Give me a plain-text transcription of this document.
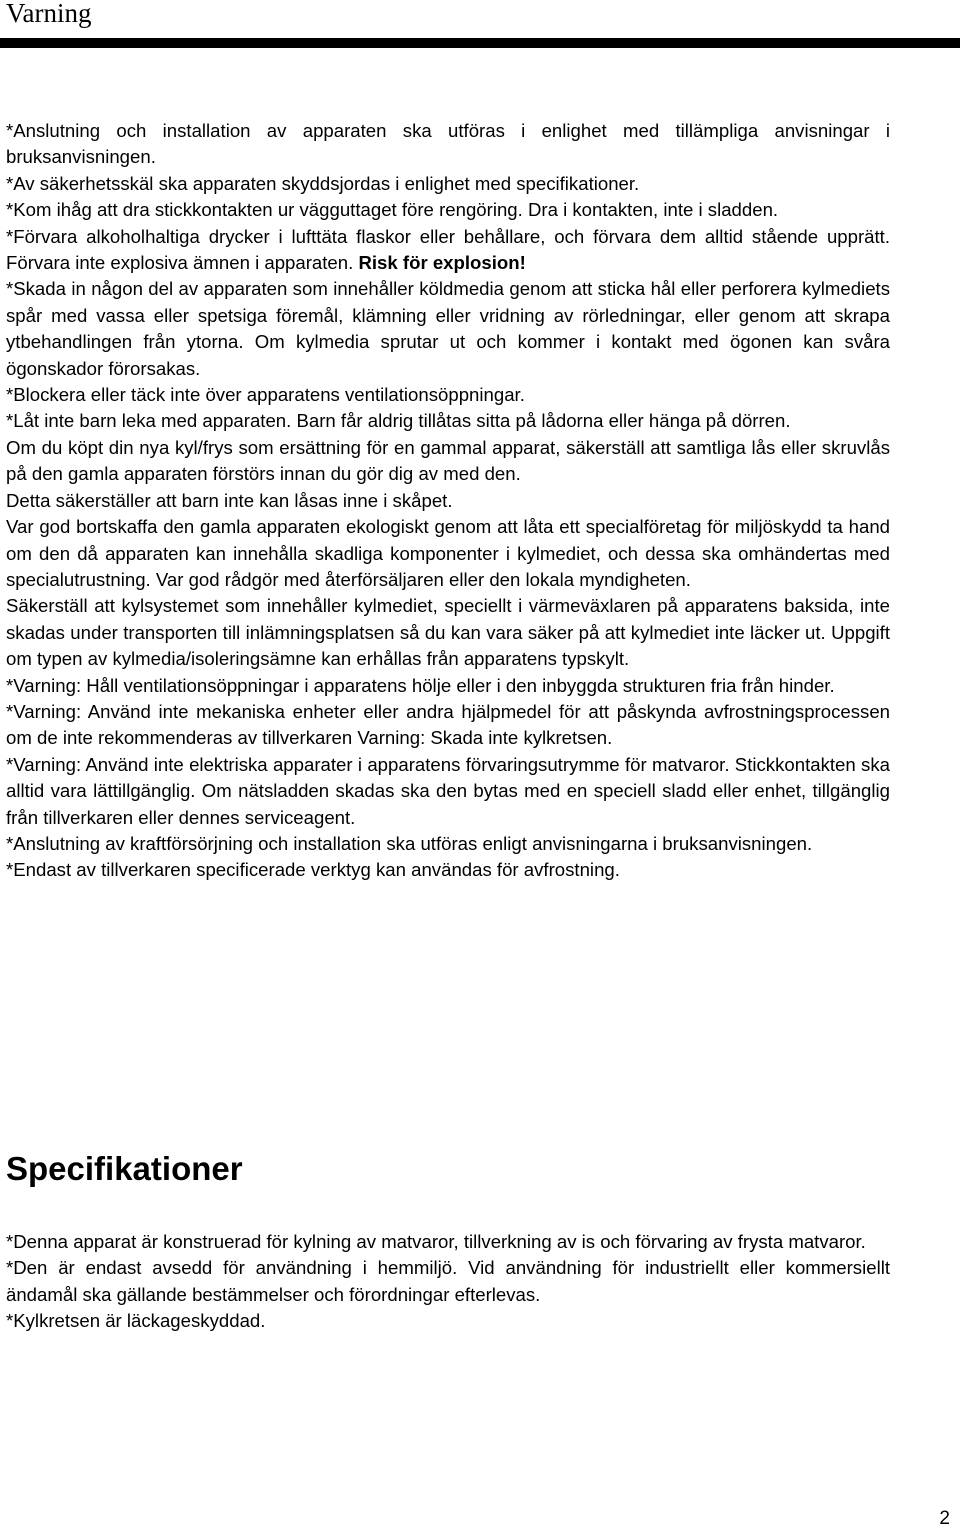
Varning

*Anslutning och installation av apparaten ska utföras i enlighet med tillämpliga anvisningar i bruksanvisningen.

*Av säkerhetsskäl ska apparaten skyddsjordas i enlighet med specifikationer.

*Kom ihåg att dra stickkontakten ur vägguttaget före rengöring. Dra i kontakten, inte i sladden.

*Förvara alkoholhaltiga drycker i lufttäta flaskor eller behållare, och förvara dem alltid stående upprätt. Förvara inte explosiva ämnen i apparaten. Risk för explosion!

*Skada in någon del av apparaten som innehåller köldmedia genom att sticka hål eller perforera kylmediets spår med vassa eller spetsiga föremål, klämning eller vridning av rörledningar, eller genom att skrapa ytbehandlingen från ytorna. Om kylmedia sprutar ut och kommer i kontakt med ögonen kan svåra ögonskador förorsakas.

*Blockera eller täck inte över apparatens ventilationsöppningar.

*Låt inte barn leka med apparaten. Barn får aldrig tillåtas sitta på lådorna eller hänga på dörren.

Om du köpt din nya kyl/frys som ersättning för en gammal apparat, säkerställ att samtliga lås eller skruvlås på den gamla apparaten förstörs innan du gör dig av med den.

Detta säkerställer att barn inte kan låsas inne i skåpet.

Var god bortskaffa den gamla apparaten ekologiskt genom att låta ett specialföretag för miljöskydd ta hand om den då apparaten kan innehålla skadliga komponenter i kylmediet, och dessa ska omhändertas med specialutrustning. Var god rådgör med återförsäljaren eller den lokala myndigheten.

Säkerställ att kylsystemet som innehåller kylmediet, speciellt i värmeväxlaren på apparatens baksida, inte skadas under transporten till inlämningsplatsen så du kan vara säker på att kylmediet inte läcker ut. Uppgift om typen av kylmedia/isoleringsämne kan erhållas från apparatens typskylt.

*Varning: Håll ventilationsöppningar i apparatens hölje eller i den inbyggda strukturen fria från hinder.

*Varning: Använd inte mekaniska enheter eller andra hjälpmedel för att påskynda avfrostningsprocessen om de inte rekommenderas av tillverkaren Varning: Skada inte kylkretsen.

*Varning: Använd inte elektriska apparater i apparatens förvaringsutrymme för matvaror. Stickkontakten ska alltid vara lättillgänglig. Om nätsladden skadas ska den bytas med en speciell sladd eller enhet, tillgänglig från tillverkaren eller dennes serviceagent.

*Anslutning av kraftförsörjning och installation ska utföras enligt anvisningarna i bruksanvisningen.

*Endast av tillverkaren specificerade verktyg kan användas för avfrostning.

Specifikationer

*Denna apparat är konstruerad för kylning av matvaror, tillverkning av is och förvaring av frysta matvaror.

*Den är endast avsedd för användning i hemmiljö. Vid användning för industriellt eller kommersiellt ändamål ska gällande bestämmelser och förordningar efterlevas.

*Kylkretsen är läckageskyddad.

2
